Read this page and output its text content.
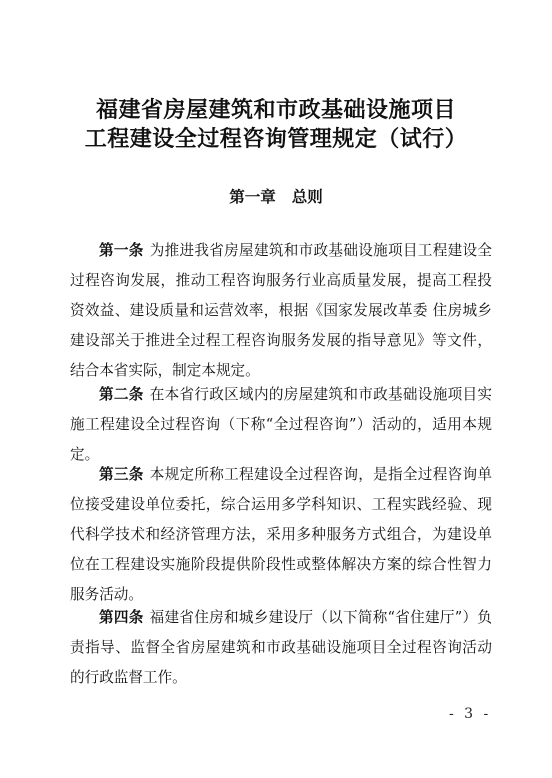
福建省房屋建筑和市政基础设施项目
工程建设全过程咨询管理规定（试行）
第一章 总则

第一条 为推进我省房屋建筑和市政基础设施项目工程建设全过程咨询发展，推动工程咨询服务行业高质量发展，提高工程投资效益、建设质量和运营效率，根据《国家发展改革委 住房城乡建设部关于推进全过程工程咨询服务发展的指导意见》等文件，结合本省实际，制定本规定。

第二条 在本省行政区域内的房屋建筑和市政基础设施项目实施工程建设全过程咨询（下称“全过程咨询”）活动的，适用本规定。

第三条 本规定所称工程建设全过程咨询，是指全过程咨询单位接受建设单位委托，综合运用多学科知识、工程实践经验、现代科学技术和经济管理方法，采用多种服务方式组合，为建设单位在工程建设实施阶段提供阶段性或整体解决方案的综合性智力服务活动。

第四条 福建省住房和城乡建设厅（以下简称“省住建厅”）负责指导、监督全省房屋建筑和市政基础设施项目全过程咨询活动的行政监督工作。

- 3 -
